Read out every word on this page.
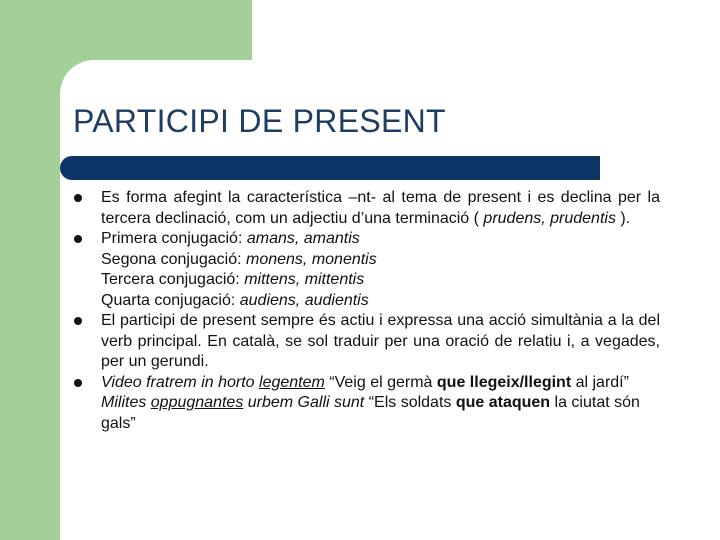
PARTICIPI DE PRESENT
Es forma afegint la característica –nt- al tema de present i es declina per la tercera declinació, com un adjectiu d’una terminació ( prudens, prudentis ).
Primera conjugació: amans, amantis
Segona conjugació: monens, monentis
Tercera conjugació: mittens, mittentis
Quarta conjugació: audiens, audientis
El participi de present sempre és actiu i expressa una acció simultània a la del verb principal. En català, se sol traduir per una oració de relatiu i, a vegades, per un gerundi.
Video fratrem in horto legentem “Veig el germà que llegeix/llegint al jardí”
Milites oppugnantes urbem Galli sunt “Els soldats que ataquen la ciutat són gals”
